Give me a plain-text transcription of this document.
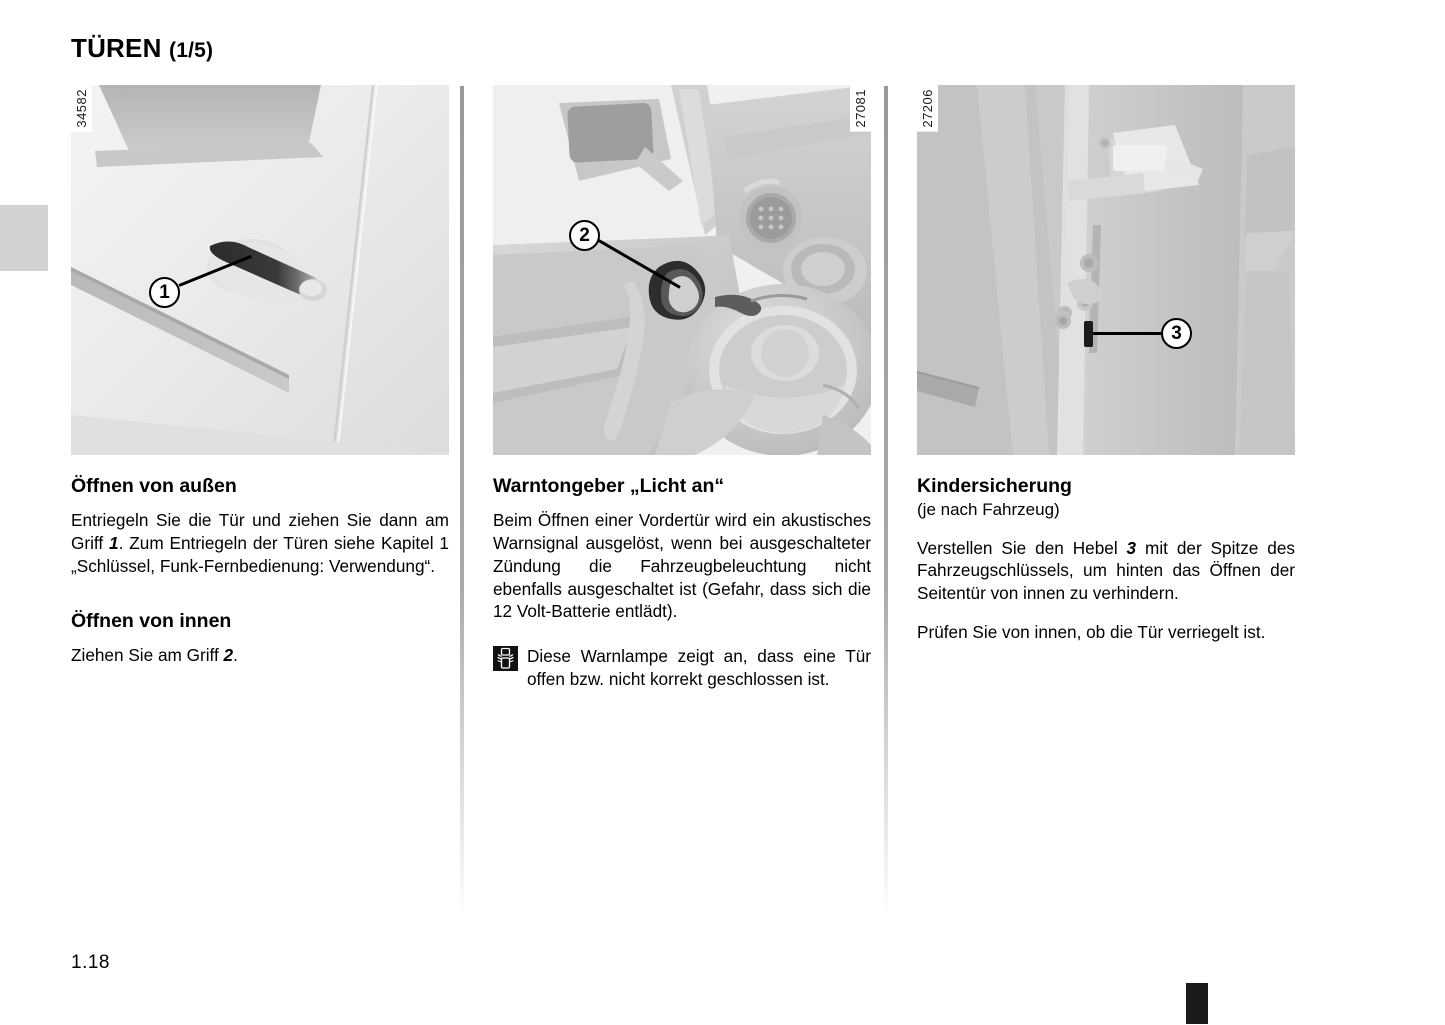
TÜREN (1/5)
34582
1
Öffnen von außen

Entriegeln Sie die Tür und ziehen Sie dann am Griff 1. Zum Entriegeln der Türen siehe Kapitel 1 „Schlüssel, Funk-Fernbedienung: Verwendung“.

Öffnen von innen

Ziehen Sie am Griff 2.

27081
2
Warntongeber „Licht an“

Beim Öffnen einer Vordertür wird ein akustisches Warnsignal ausgelöst, wenn bei ausgeschalteter Zündung die Fahrzeugbeleuchtung nicht ebenfalls ausgeschaltet ist (Gefahr, dass sich die 12 Volt-Batterie entlädt).

Diese Warnlampe zeigt an, dass eine Tür offen bzw. nicht korrekt geschlossen ist.
27206
3
Kindersicherung
(je nach Fahrzeug)

Verstellen Sie den Hebel 3 mit der Spitze des Fahrzeugschlüssels, um hinten das Öffnen der Seitentür von innen zu verhindern.

Prüfen Sie von innen, ob die Tür verriegelt ist.

1.18
